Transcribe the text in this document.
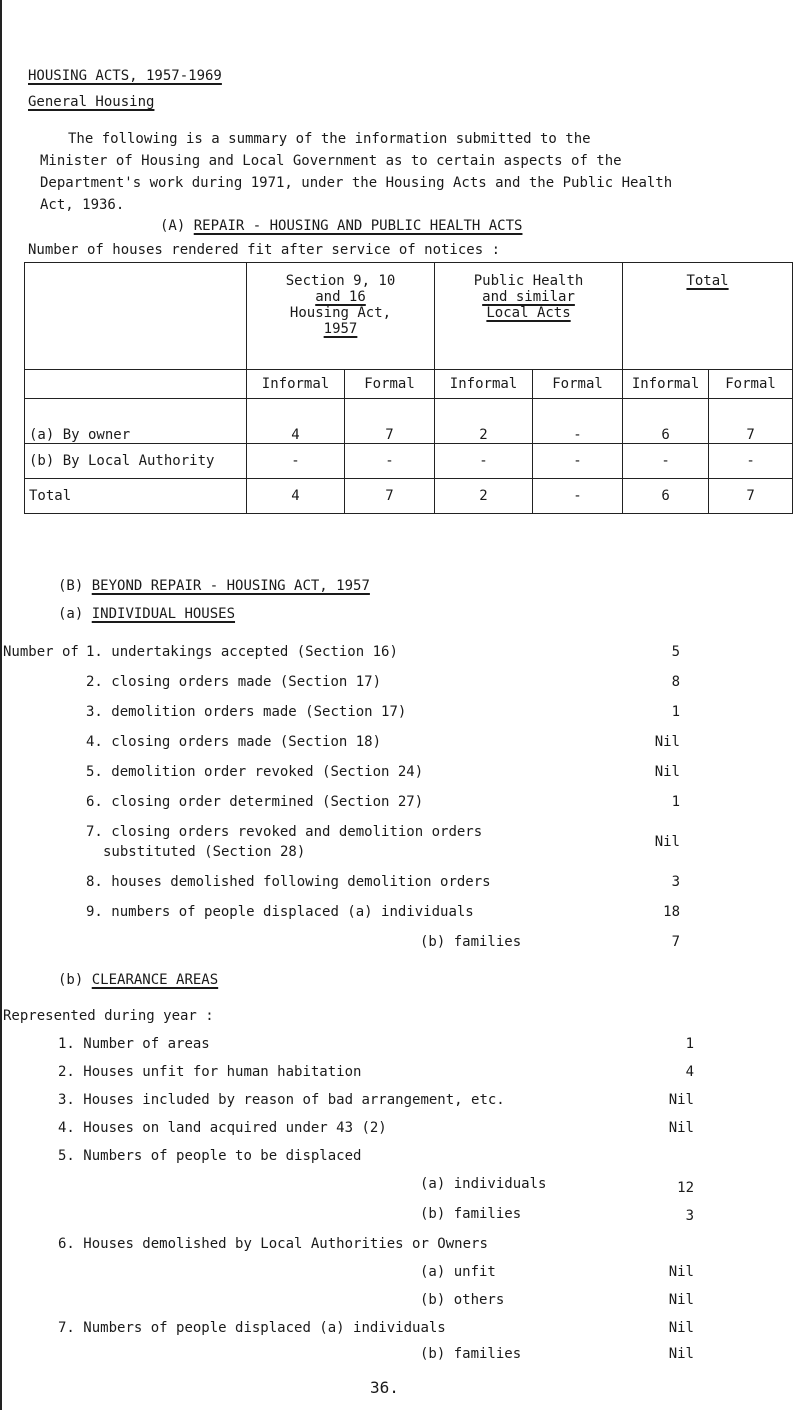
HOUSING ACTS, 1957-1969
General Housing
The following is a summary of the information submitted to the
Minister of Housing and Local Government as to certain aspects of the
Department's work during 1971, under the Housing Acts and the Public Health
Act, 1936.
(A) REPAIR - HOUSING AND PUBLIC HEALTH ACTS
Number of houses rendered fit after service of notices :

	Section 9, 10
and 16
Housing Act,
1957		Public Health
and similar
Local Acts		Total	

	Informal	Formal	Informal	Formal	Informal	Formal
(a) By owner	4	7	2	-	6	7
(b) By Local Authority	-	-	-	-	-	-
Total	4	7	2	-	6	7
(B) BEYOND REPAIR - HOUSING ACT, 1957
(a) INDIVIDUAL HOUSES
Number of 1. undertakings accepted (Section 16)	5
2. closing orders made (Section 17)	8
3. demolition orders made (Section 17)	1
4. closing orders made (Section 18)	Nil
5. demolition order revoked (Section 24)	Nil
6. closing order determined (Section 27)	1
7. closing orders revoked and demolition orders
substituted (Section 28)
Nil
8. houses demolished following demolition orders	3
9. numbers of people displaced (a) individuals	18
(b) families	7
(b) CLEARANCE AREAS
Represented during year :
1. Number of areas	1
2. Houses unfit for human habitation	4
3. Houses included by reason of bad arrangement, etc.	Nil
4. Houses on land acquired under 43 (2)	Nil
5. Numbers of people to be displaced
(a) individuals	12
(b) families	3
6. Houses demolished by Local Authorities or Owners
(a) unfit	Nil
(b) others	Nil
7. Numbers of people displaced (a) individuals	Nil
(b) families	Nil
36.
